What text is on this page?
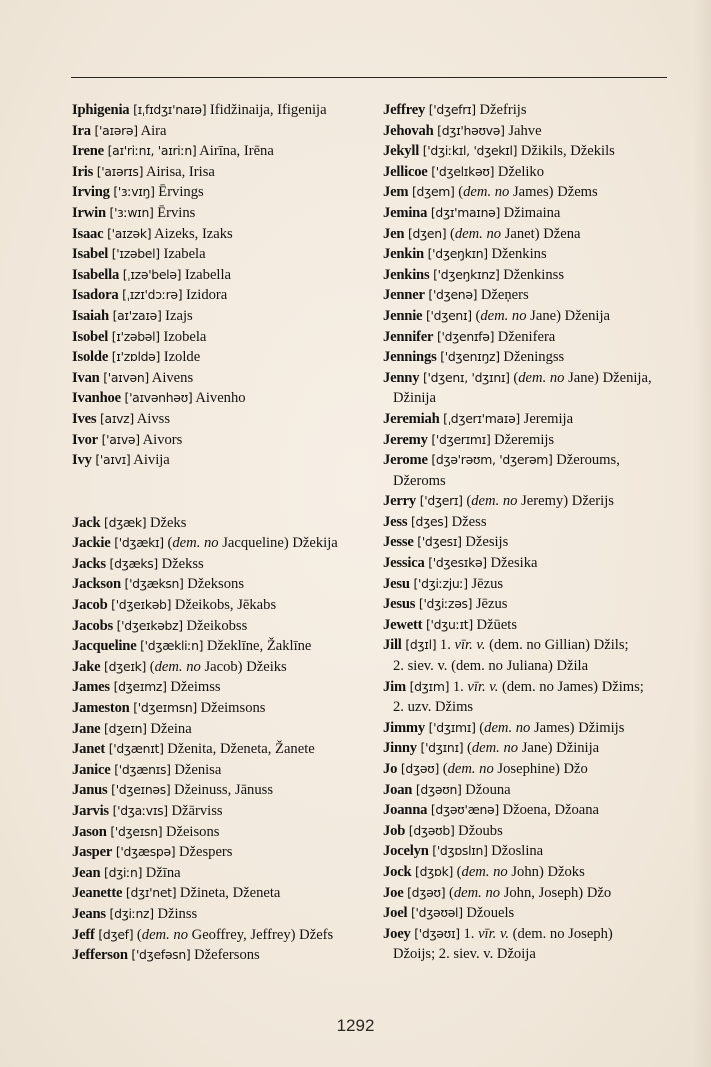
Iphigenia [ɪˌfɪdʒɪ'naɪə] Ifidžinaija, Ifigenija
Ira ['aɪərə] Aira
Irene [aɪ'riːnɪ, 'aɪriːn] Airīna, Irēna
Iris ['aɪərɪs] Airisa, Irisa
Irving ['ɜːvɪŋ] Ērvings
Irwin ['ɜːwɪn] Ērvins
Isaac ['aɪzək] Aizeks, Izaks
Isabel ['ɪzəbel] Izabela
Isabella [ˌɪzə'belə] Izabella
Isadora [ˌɪzɪ'dɔːrə] Izidora
Isaiah [aɪ'zaɪə] Izajs
Isobel [ɪ'zəbəl] Izobela
Isolde [ɪ'zɒldə] Izolde
Ivan ['aɪvən] Aivens
Ivanhoe ['aɪvənhəʊ] Aivenho
Ives [aɪvz] Aivss
Ivor ['aɪvə] Aivors
Ivy ['aɪvɪ] Aivija
Jack [dʒæk] Džeks
Jackie ['dʒækɪ] (dem. no Jacqueline) Džekija
Jacks [dʒæks] Džekss
Jackson ['dʒæksn] Džeksons
Jacob ['dʒeɪkəb] Džeikobs, Jēkabs
Jacobs ['dʒeɪkəbz] Džeikobss
Jacqueline ['dʒækliːn] Džeklīne, Žaklīne
Jake [dʒeɪk] (dem. no Jacob) Džeiks
James [dʒeɪmz] Džeimss
Jameston ['dʒeɪmsn] Džeimsons
Jane [dʒeɪn] Džeina
Janet ['dʒænɪt] Dženita, Dženeta, Žanete
Janice ['dʒænɪs] Dženisa
Janus ['dʒeɪnəs] Džeinuss, Jānuss
Jarvis ['dʒaːvɪs] Džārviss
Jason ['dʒeɪsn] Džeisons
Jasper ['dʒæspə] Džespers
Jean [dʒiːn] Džīna
Jeanette [dʒɪ'net] Džineta, Dženeta
Jeans [dʒiːnz] Džinss
Jeff [dʒef] (dem. no Geoffrey, Jeffrey) Džefs
Jefferson ['dʒefəsn] Džefersons
Jeffrey ['dʒefrɪ] Džefrijs
Jehovah [dʒɪ'həʊvə] Jahve
Jekyll ['dʒiːkɪl, 'dʒekɪl] Džikils, Džekils
Jellicoe ['dʒelɪkəʊ] Dželiko
Jem [dʒem] (dem. no James) Džems
Jemina [dʒɪ'maɪnə] Džimaina
Jen [dʒen] (dem. no Janet) Džena
Jenkin ['dʒeŋkɪn] Dženkins
Jenkins ['dʒeŋkɪnz] Dženkinss
Jenner ['dʒenə] Džeņers
Jennie ['dʒenɪ] (dem. no Jane) Dženija
Jennifer ['dʒenɪfə] Dženifera
Jennings ['dʒenɪŋz] Dženingss
Jenny ['dʒenɪ, 'dʒɪnɪ] (dem. no Jane) Dženija,
Džinija
Jeremiah [ˌdʒerɪ'maɪə] Jeremija
Jeremy ['dʒerɪmɪ] Džeremijs
Jerome [dʒə'rəʊm, 'dʒerəm] Džeroums,
Džeroms
Jerry ['dʒerɪ] (dem. no Jeremy) Džerijs
Jess [dʒes] Džess
Jesse ['dʒesɪ] Džesijs
Jessica ['dʒesɪkə] Džesika
Jesu ['dʒiːzjuː] Jēzus
Jesus ['dʒiːzəs] Jēzus
Jewett ['dʒuːɪt] Džūets
Jill [dʒɪl] 1. vīr. v. (dem. no Gillian) Džils;
2. siev. v. (dem. no Juliana) Džila
Jim [dʒɪm] 1. vīr. v. (dem. no James) Džims;
2. uzv. Džims
Jimmy ['dʒɪmɪ] (dem. no James) Džimijs
Jinny ['dʒɪnɪ] (dem. no Jane) Džinija
Jo [dʒəʊ] (dem. no Josephine) Džo
Joan [dʒəʊn] Džouna
Joanna [dʒəʊ'ænə] Džoena, Džoana
Job [dʒəʊb] Džoubs
Jocelyn ['dʒɒslɪn] Džoslina
Jock [dʒɒk] (dem. no John) Džoks
Joe [dʒəʊ] (dem. no John, Joseph) Džo
Joel ['dʒəʊəl] Džouels
Joey ['dʒəʊɪ] 1. vīr. v. (dem. no Joseph)
Džoijs; 2. siev. v. Džoija
1292
